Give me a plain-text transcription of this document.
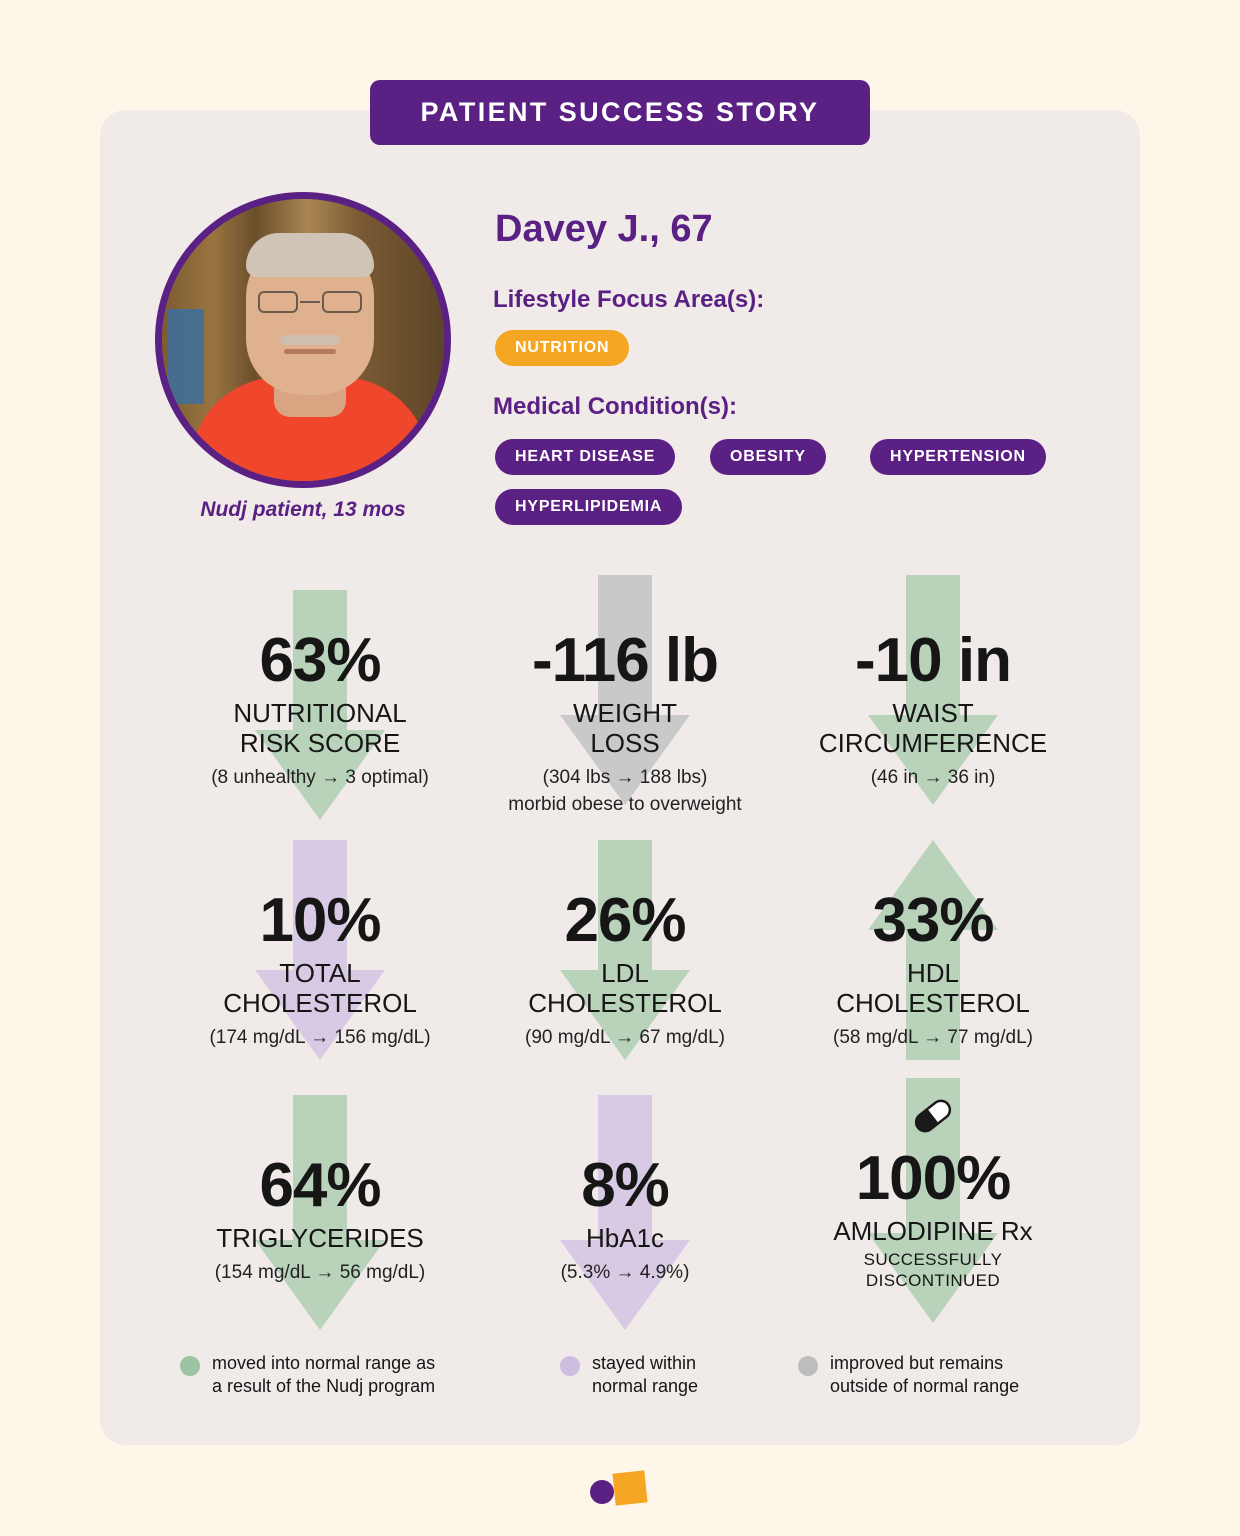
PATIENT SUCCESS STORY
Nudj patient, 13 mos
Davey J., 67
Lifestyle Focus Area(s):
NUTRITION
Medical Condition(s):
HEART DISEASE	OBESITY	HYPERTENSION
HYPERLIPIDEMIA
63%
NUTRITIONAL
RISK SCORE
(8 unhealthy → 3 optimal)
-116 lb
WEIGHT
LOSS
(304 lbs → 188 lbs)
morbid obese to overweight
-10 in
WAIST
CIRCUMFERENCE
(46 in → 36 in)
10%
TOTAL
CHOLESTEROL
(174 mg/dL → 156 mg/dL)
26%
LDL
CHOLESTEROL
(90 mg/dL → 67 mg/dL)
33%
HDL
CHOLESTEROL
(58 mg/dL → 77 mg/dL)
64%
TRIGLYCERIDES
(154 mg/dL → 56 mg/dL)
8%
HbA1c
(5.3% → 4.9%)
100%
AMLODIPINE Rx
SUCCESSFULLY
DISCONTINUED
moved into normal range as
a result of the Nudj program
stayed within
normal range
improved but remains
outside of normal range
